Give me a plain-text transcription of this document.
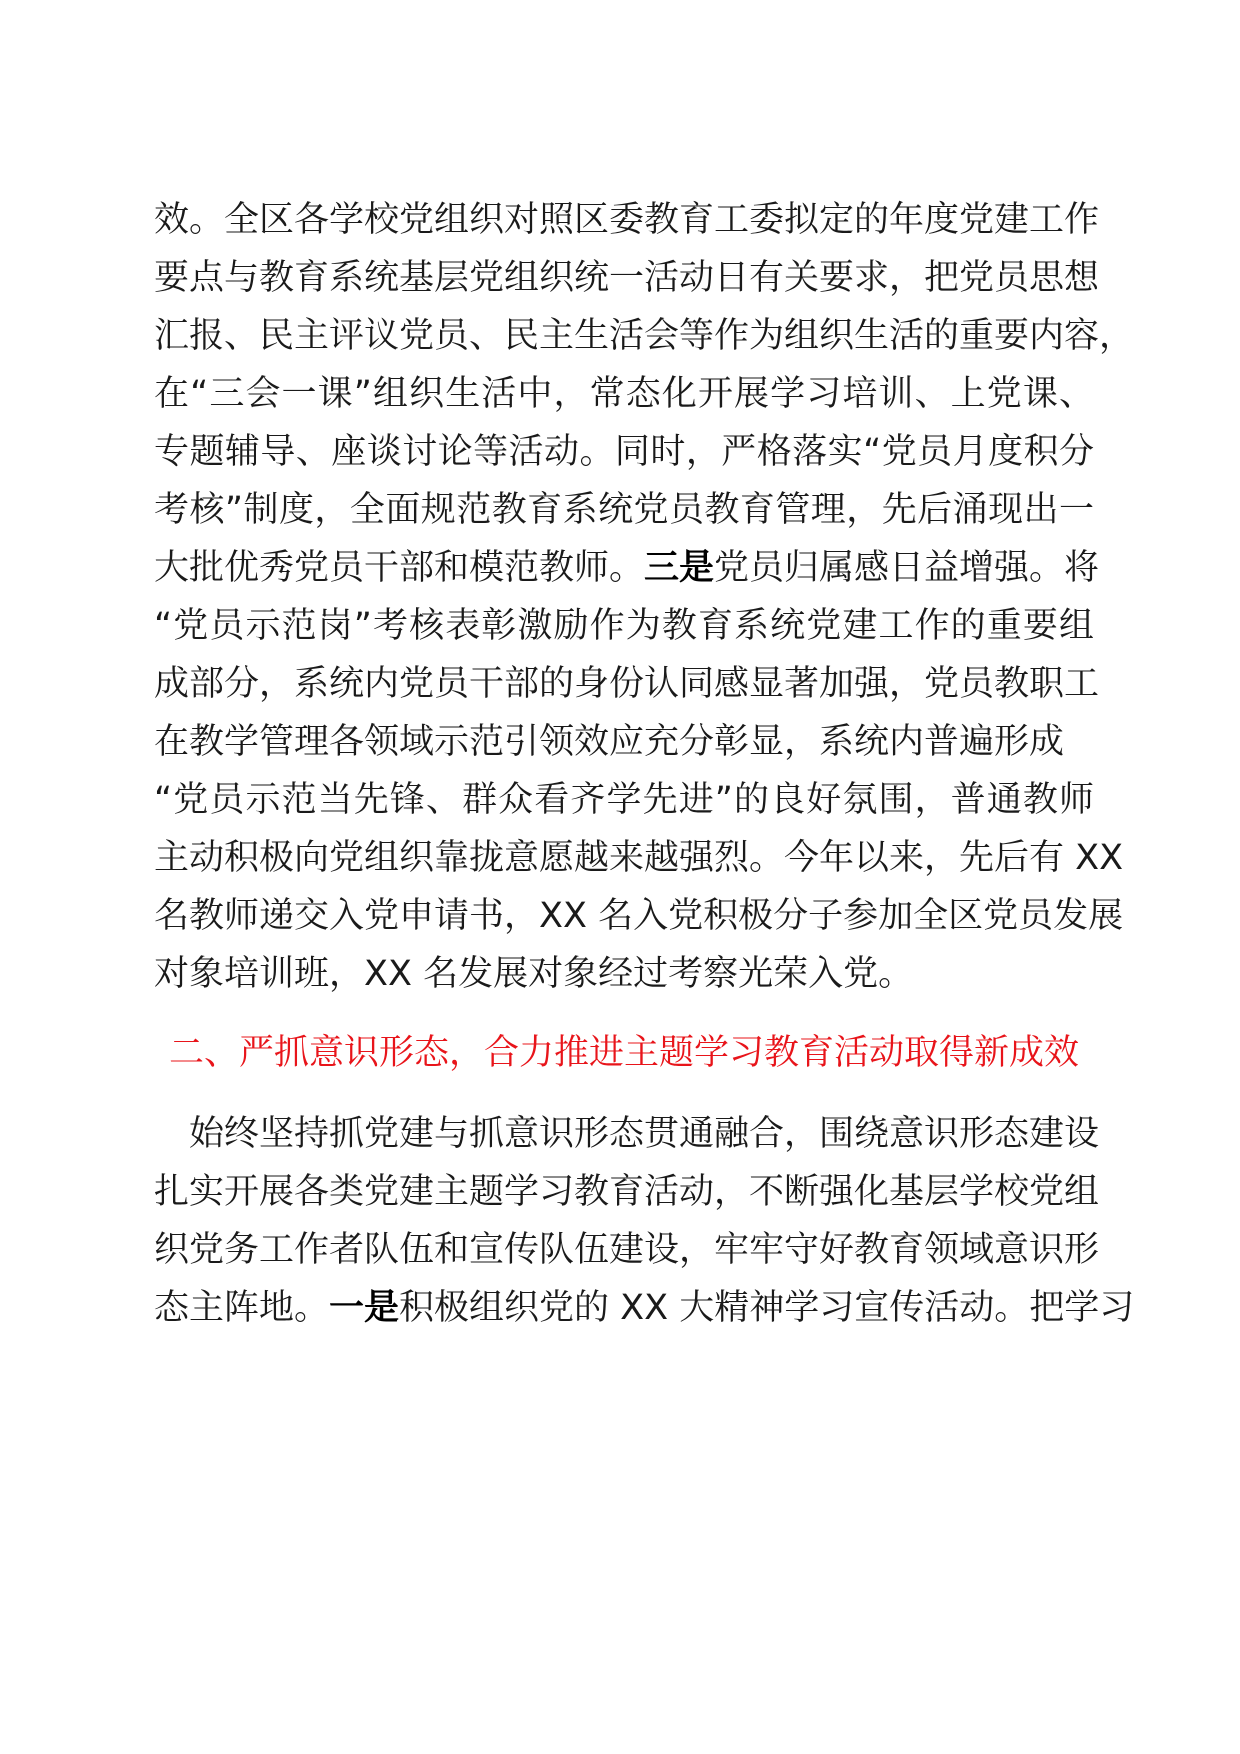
效。全区各学校党组织对照区委教育工委拟定的年度党建工作
要点与教育系统基层党组织统一活动日有关要求，把党员思想
汇报、民主评议党员、民主生活会等作为组织生活的重要内容，
在“三会一课”组织生活中，常态化开展学习培训、上党课、
专题辅导、座谈讨论等活动。同时，严格落实“党员月度积分
考核”制度，全面规范教育系统党员教育管理，先后涌现出一
大批优秀党员干部和模范教师。三是党员归属感日益增强。将
“党员示范岗”考核表彰激励作为教育系统党建工作的重要组
成部分，系统内党员干部的身份认同感显著加强，党员教职工
在教学管理各领域示范引领效应充分彰显，系统内普遍形成
“党员示范当先锋、群众看齐学先进”的良好氛围，普通教师
主动积极向党组织靠拢意愿越来越强烈。今年以来，先后有 XX
名教师递交入党申请书，XX 名入党积极分子参加全区党员发展
对象培训班，XX 名发展对象经过考察光荣入党。
二、严抓意识形态，合力推进主题学习教育活动取得新成效
始终坚持抓党建与抓意识形态贯通融合，围绕意识形态建设
扎实开展各类党建主题学习教育活动，不断强化基层学校党组
织党务工作者队伍和宣传队伍建设，牢牢守好教育领域意识形
态主阵地。一是积极组织党的 XX 大精神学习宣传活动。把学习
